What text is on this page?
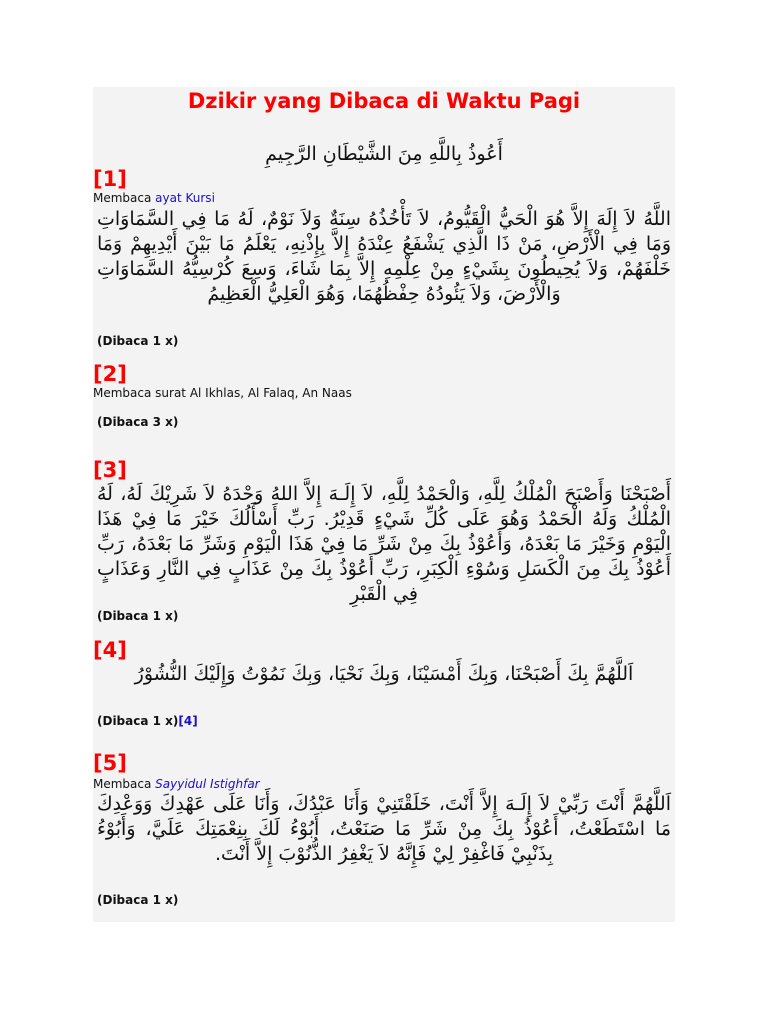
Dzikir yang Dibaca di Waktu Pagi
أَعُوذُ بِاللَّهِ مِنَ الشَّيْطَانِ الرَّجِيمِ
[1]
Membaca ayat Kursi
اللَّهُ لاَ إِلَهَ إِلاَّ هُوَ الْحَيُّ الْقَيُّومُ، لاَ تَأْخُذُهُ سِنَةٌ وَلاَ نَوْمٌ، لَهُ مَا فِي السَّمَاوَاتِ وَمَا فِي الْأَرْضِ، مَنْ ذَا الَّذِي يَشْفَعُ عِنْدَهُ إِلاَّ بِإِذْنِهِ، يَعْلَمُ مَا بَيْنَ أَيْدِيهِمْ وَمَا خَلْفَهُمْ، وَلاَ يُحِيطُونَ بِشَيْءٍ مِنْ عِلْمِهِ إِلاَّ بِمَا شَاءَ، وَسِعَ كُرْسِيُّهُ السَّمَاوَاتِ وَالْأَرْضَ، وَلاَ يَئُودُهُ حِفْظُهُمَا، وَهُوَ الْعَلِيُّ الْعَظِيمُ
(Dibaca 1 x)
[2]
Membaca surat Al Ikhlas, Al Falaq, An Naas
(Dibaca 3 x)
[3]
أَصْبَحْنَا وَأَصْبَحَ الْمُلْكُ لِلَّهِ، وَالْحَمْدُ لِلَّهِ، لاَ إِلَـهَ إِلاَّ اللهُ وَحْدَهُ لاَ شَرِيْكَ لَهُ، لَهُ الْمُلْكُ وَلَهُ الْحَمْدُ وَهُوَ عَلَى كُلِّ شَيْءٍ قَدِيْرُ. رَبِّ أَسْأَلُكَ خَيْرَ مَا فِيْ هَذَا الْيَوْمِ وَخَيْرَ مَا بَعْدَهُ، وَأَعُوْذُ بِكَ مِنْ شَرِّ مَا فِيْ هَذَا الْيَوْمِ وَشَرِّ مَا بَعْدَهُ، رَبِّ أَعُوْذُ بِكَ مِنَ الْكَسَلِ وَسُوْءِ الْكِبَرِ، رَبِّ أَعُوْذُ بِكَ مِنْ عَذَابٍ فِي النَّارِ وَعَذَابٍ فِي الْقَبْرِ
(Dibaca 1 x)
[4]
اَللَّهُمَّ بِكَ أَصْبَحْنَا، وَبِكَ أَمْسَيْنَا، وَبِكَ نَحْيَا، وَبِكَ نَمُوْتُ وَإِلَيْكَ النُّشُوْرُ
(Dibaca 1 x)[4]
[5]
Membaca Sayyidul Istighfar
اَللَّهُمَّ أَنْتَ رَبِّيْ لاَ إِلَـهَ إِلاَّ أَنْتَ، خَلَقْتَنِيْ وَأَنَا عَبْدُكَ، وَأَنَا عَلَى عَهْدِكَ وَوَعْدِكَ مَا اسْتَطَعْتُ، أَعُوْذُ بِكَ مِنْ شَرِّ مَا صَنَعْتُ، أَبُوْءُ لَكَ بِنِعْمَتِكَ عَلَيَّ، وَأَبُوْءُ بِذَنْبِيْ فَاغْفِرْ لِيْ فَإِنَّهُ لاَ يَغْفِرُ الذُّنُوْبَ إِلاَّ أَنْتَ.
(Dibaca 1 x)
